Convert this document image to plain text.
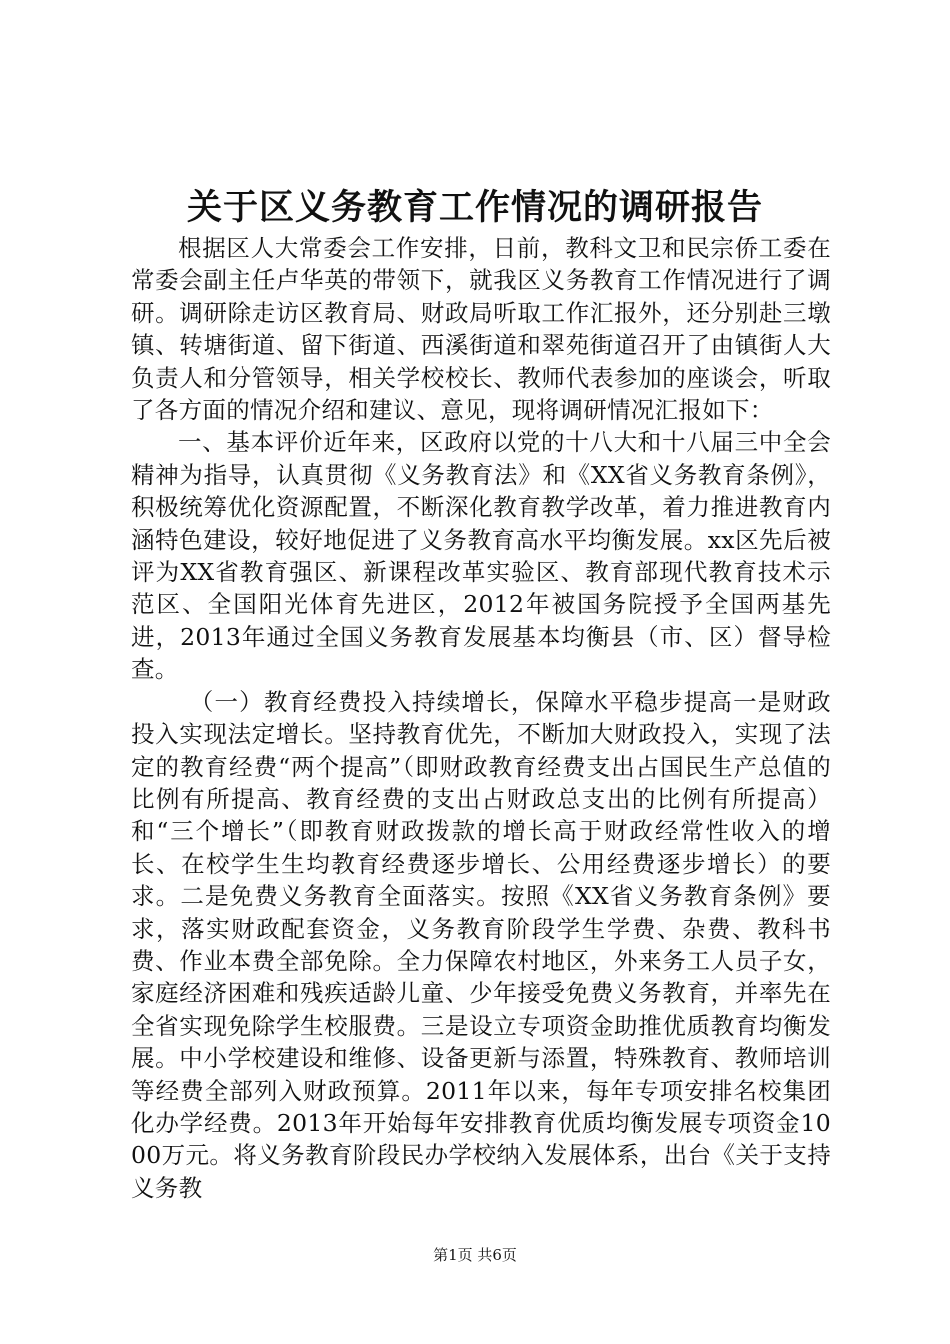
关于区义务教育工作情况的调研报告

根据区人大常委会工作安排，日前，教科文卫和民宗侨工委在常委会副主任卢华英的带领下，就我区义务教育工作情况进行了调研。调研除走访区教育局、财政局听取工作汇报外，还分别赴三墩镇、转塘街道、留下街道、西溪街道和翠苑街道召开了由镇街人大负责人和分管领导，相关学校校长、教师代表参加的座谈会，听取了各方面的情况介绍和建议、意见，现将调研情况汇报如下：

一、基本评价近年来，区政府以党的十八大和十八届三中全会精神为指导，认真贯彻《义务教育法》和《XX省义务教育条例》，积极统筹优化资源配置，不断深化教育教学改革，着力推进教育内涵特色建设，较好地促进了义务教育高水平均衡发展。xx区先后被评为XX省教育强区、新课程改革实验区、教育部现代教育技术示范区、全国阳光体育先进区，2012年被国务院授予全国两基先进，2013年通过全国义务教育发展基本均衡县（市、区）督导检查。

（一）教育经费投入持续增长，保障水平稳步提高一是财政投入实现法定增长。坚持教育优先，不断加大财政投入，实现了法定的教育经费“两个提高”（即财政教育经费支出占国民生产总值的比例有所提高、教育经费的支出占财政总支出的比例有所提高）和“三个增长”（即教育财政拨款的增长高于财政经常性收入的增长、在校学生生均教育经费逐步增长、公用经费逐步增长）的要求。二是免费义务教育全面落实。按照《XX省义务教育条例》要求，落实财政配套资金，义务教育阶段学生学费、杂费、教科书费、作业本费全部免除。全力保障农村地区，外来务工人员子女，家庭经济困难和残疾适龄儿童、少年接受免费义务教育，并率先在全省实现免除学生校服费。三是设立专项资金助推优质教育均衡发展。中小学校建设和维修、设备更新与添置，特殊教育、教师培训等经费全部列入财政预算。2011年以来，每年专项安排名校集团化办学经费。2013年开始每年安排教育优质均衡发展专项资金1000万元。将义务教育阶段民办学校纳入发展体系，出台《关于支持义务教

第1页 共6页
